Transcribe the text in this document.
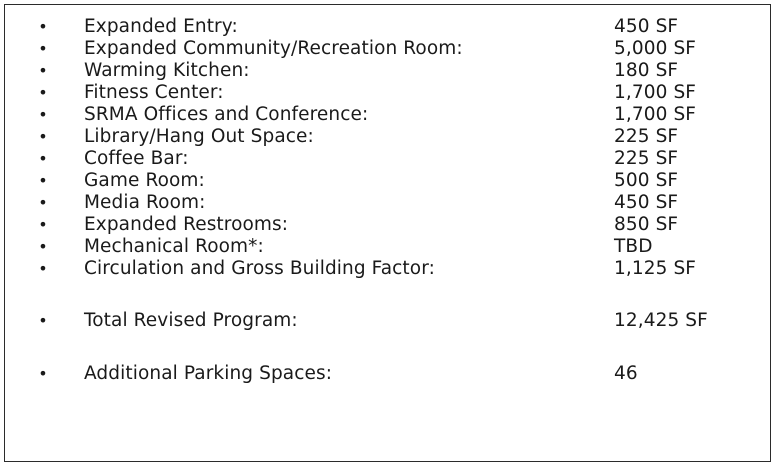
• Expanded Entry:	450 SF
• Expanded Community/Recreation Room:	5,000 SF
• Warming Kitchen:	180 SF
• Fitness Center:	1,700 SF
• SRMA Offices and Conference:	1,700 SF
• Library/Hang Out Space:	225 SF
• Coffee Bar:	225 SF
• Game Room:	500 SF
• Media Room:	450 SF
• Expanded Restrooms:	850 SF
• Mechanical Room*:	TBD
• Circulation and Gross Building Factor:	1,125 SF
• Total Revised Program:	12,425 SF
• Additional Parking Spaces:	46
